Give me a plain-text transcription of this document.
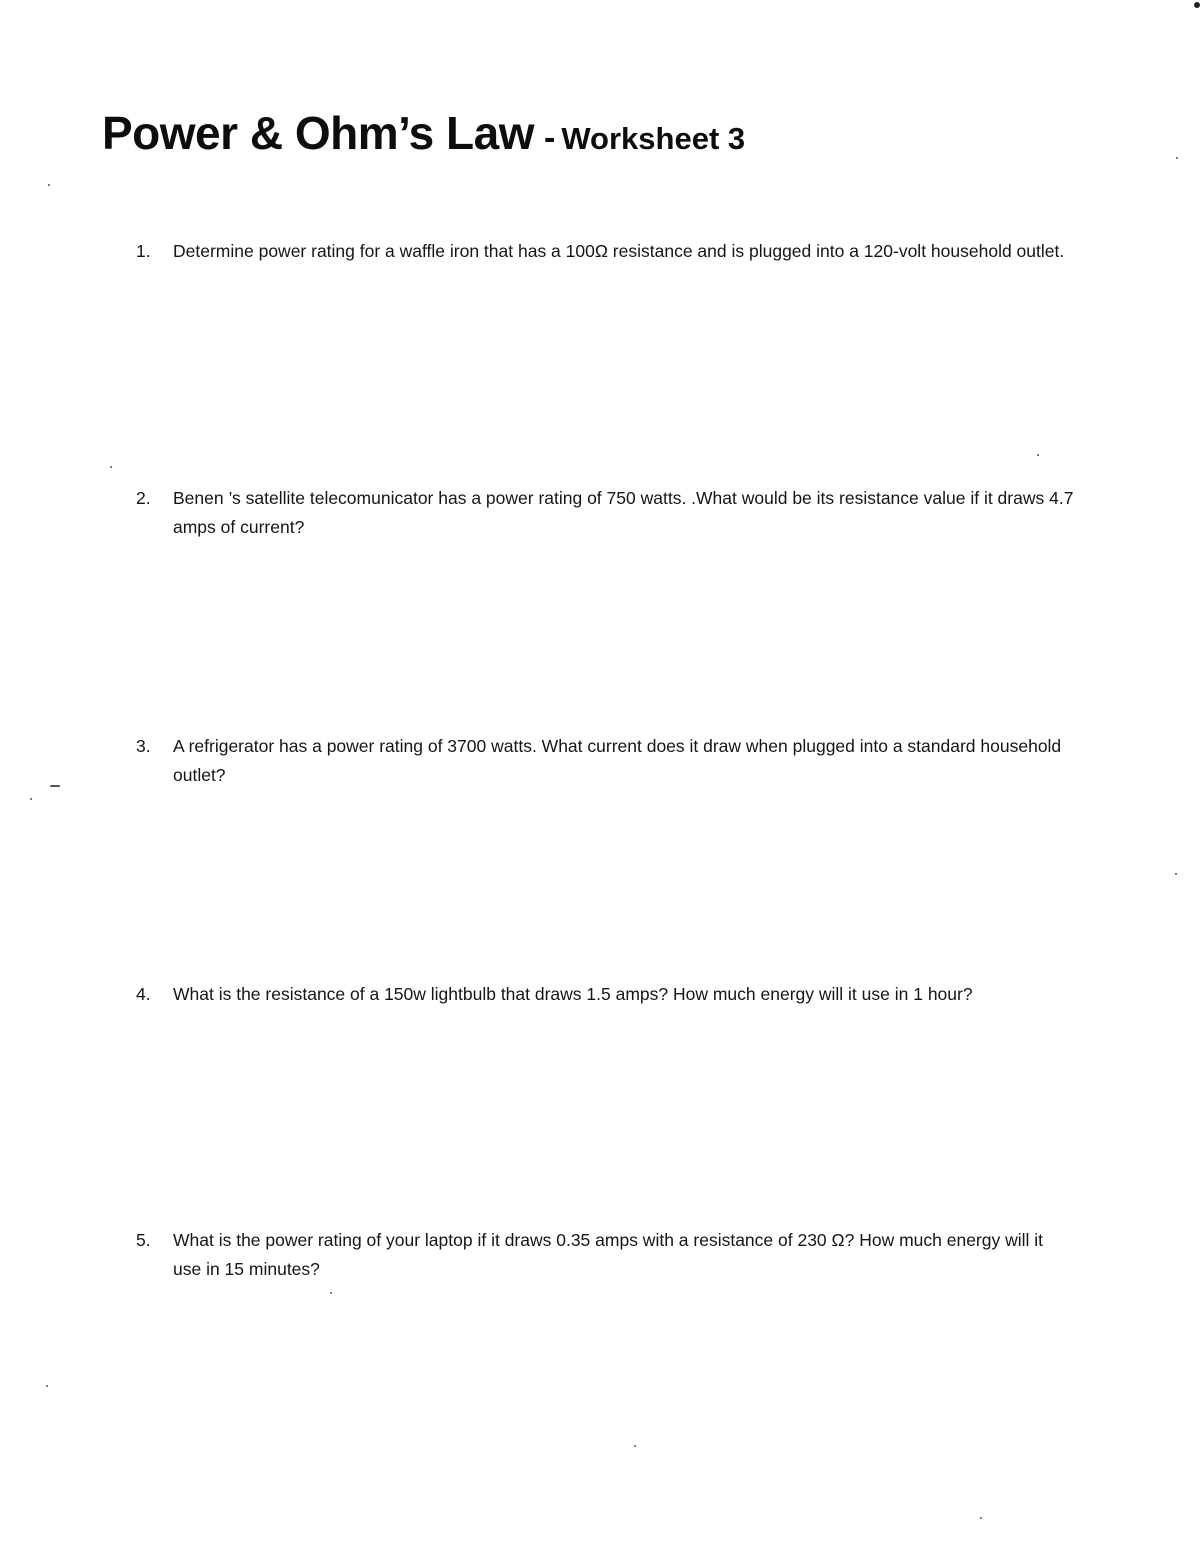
Power & Ohm’s Law - Worksheet 3
1.	Determine power rating for a waffle iron that has a 100Ω resistance and is plugged into a 120-volt household outlet.
2.	Benen ’s satellite telecomunicator has a power rating of 750 watts. .What would be its resistance value if it draws 4.7 amps of current?
3.	A refrigerator has a power rating of 3700 watts. What current does it draw when plugged into a standard household outlet?
4.	What is the resistance of a 150w lightbulb that draws 1.5 amps? How much energy will it use in 1 hour?
5.	What is the power rating of your laptop if it draws 0.35 amps with a resistance of 230 Ω? How much energy will it use in 15 minutes?
